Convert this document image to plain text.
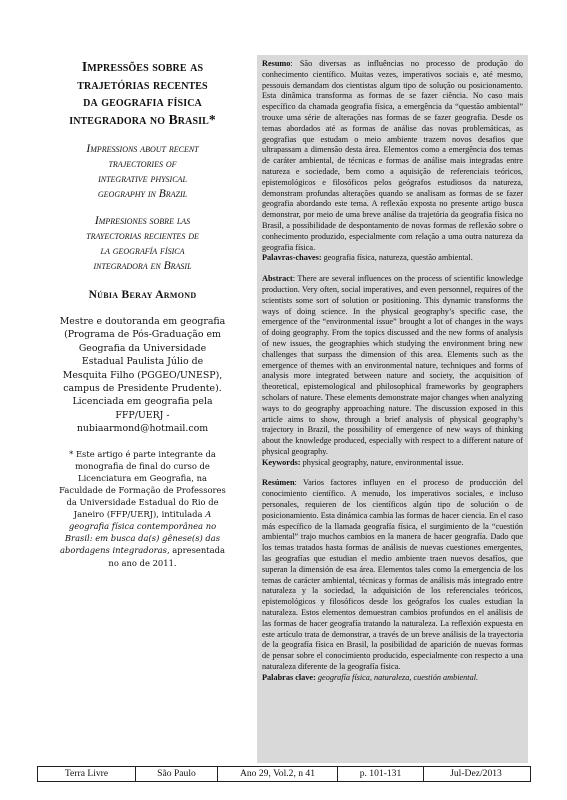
Impressões sobre as
trajetórias recentes
da geografia física
integradora no Brasil*
Impressions about recent
trajectories of
integrative physical
geography in Brazil
Impresiones sobre las
trayectorias recientes de
la geografía física
integradora en Brasil
Núbia Beray Armond
Mestre e doutoranda em geografia
(Programa de Pós-Graduação em
Geografia da Universidade
Estadual Paulista Júlio de
Mesquita Filho (PGGEO/UNESP),
campus de Presidente Prudente).
Licenciada em geografia pela
FFP/UERJ -
nubiaarmond@hotmail.com
* Este artigo é parte integrante da
monografia de final do curso de
Licenciatura em Geografia, na
Faculdade de Formação de Professores
da Universidade Estadual do Rio de
Janeiro (FFP/UERJ), intitulada A
geografia física contemporânea no
Brasil: em busca da(s) gênese(s) das
abordagens integradoras, apresentada
no ano de 2011.

Resumo: São diversas as influências no processo de produção do conhecimento científico. Muitas vezes, imperativos sociais e, até mesmo, pessouis demandam dos cientistas algum tipo de solução ou posicionamento. Esta dinâmica transforma as formas de se fazer ciência. No caso mais específico da chamada geografia física, a emergência da “questão ambiental” trouxe uma série de alterações nas formas de se fazer geografia. Desde os temas abordados até as formas de análise das novas problemáticas, as geografias que estudam o meio ambiente trazem novos desafios que ultrapassam a dimensão desta área. Elementos como a emergência dos temas de caráter ambiental, de técnicas e formas de análise mais integradas entre natureza e sociedade, bem como a aquisição de referenciais teóricos, epistemológicos e filosóficos pelos geógrafos estudiosos da natureza, demonstram profundas alterações quando se analisam as formas de se fazer geografia abordando este tema. A reflexão exposta no presente artigo busca demonstrar, por meio de uma breve análise da trajetória da geografia física no Brasil, a possibilidade de despontamento de novas formas de reflexão sobre o conhecimento produzido, especialmente com relação a uma outra natureza da geografia física.

Palavras-chaves: geografia física, natureza, questão ambiental.

Abstract: There are several influences on the process of scientific knowledge production. Very often, social imperatives, and even personnel, requires of the scientists some sort of solution or positioning. This dynamic transforms the ways of doing science. In the physical geography’s specific case, the emergence of the “environmental issue” brought a lot of changes in the ways of doing geography. From the topics discussed and the new forms of analysis of new issues, the geographies which studying the environment bring new challenges that surpass the dimension of this area. Elements such as the emergence of themes with an environmental nature, techniques and forms of analysis more integrated between nature and society, the acquisition of theoretical, epistemological and philosophical frameworks by geographers scholars of nature. These elements demonstrate major changes when analyzing ways to do geography approaching nature. The discussion exposed in this article aims to show, through a brief analysis of physical geography’s trajectory in Brazil, the possibility of emergence of new ways of thinking about the knowledge produced, especially with respect to a different nature of physical geography.

Keywords: physical geography, nature, environmental issue.

Resúmen: Varios factores influyen en el proceso de producción del conocimiento científico. A menudo, los imperativos sociales, e incluso personales, requieren de los científicos algún tipo de solución o de posicionamiento. Esta dinámica cambia las formas de hacer ciencia. En el caso más específico de la llamada geografía física, el surgimiento de la “cuestión ambiental” trajo muchos cambios en la manera de hacer geografía. Dado que los temas tratados hasta formas de análisis de nuevas cuestiones emergentes, las geografías que estudian el medio ambiente traen nuevos desafíos, que superan la dimensión de esa área. Elementos tales como la emergencia de los temas de carácter ambiental, técnicas y formas de análisis más integrado entre naturaleza y la sociedad, la adquisición de los referenciales teóricos, epistemológicos y filosóficos desde los geógrafos los cuales estudian la naturaleza. Estos elementos demuestran cambios profundos en el análisis de las formas de hacer geografía tratando la naturaleza. La reflexión expuesta en este artículo trata de demonstrar, a través de un breve análisis de la trayectoria de la geografía física en Brasil, la posibilidad de aparición de nuevas formas de pensar sobre el conocimiento producido, especialmente con respecto a una naturaleza diferente de la geografía física.

Palabras clave: geografía física, naturaleza, cuestión ambiental.

Terra Livre	São Paulo	Ano 29, Vol.2, n 41	p. 101-131	Jul-Dez/2013
